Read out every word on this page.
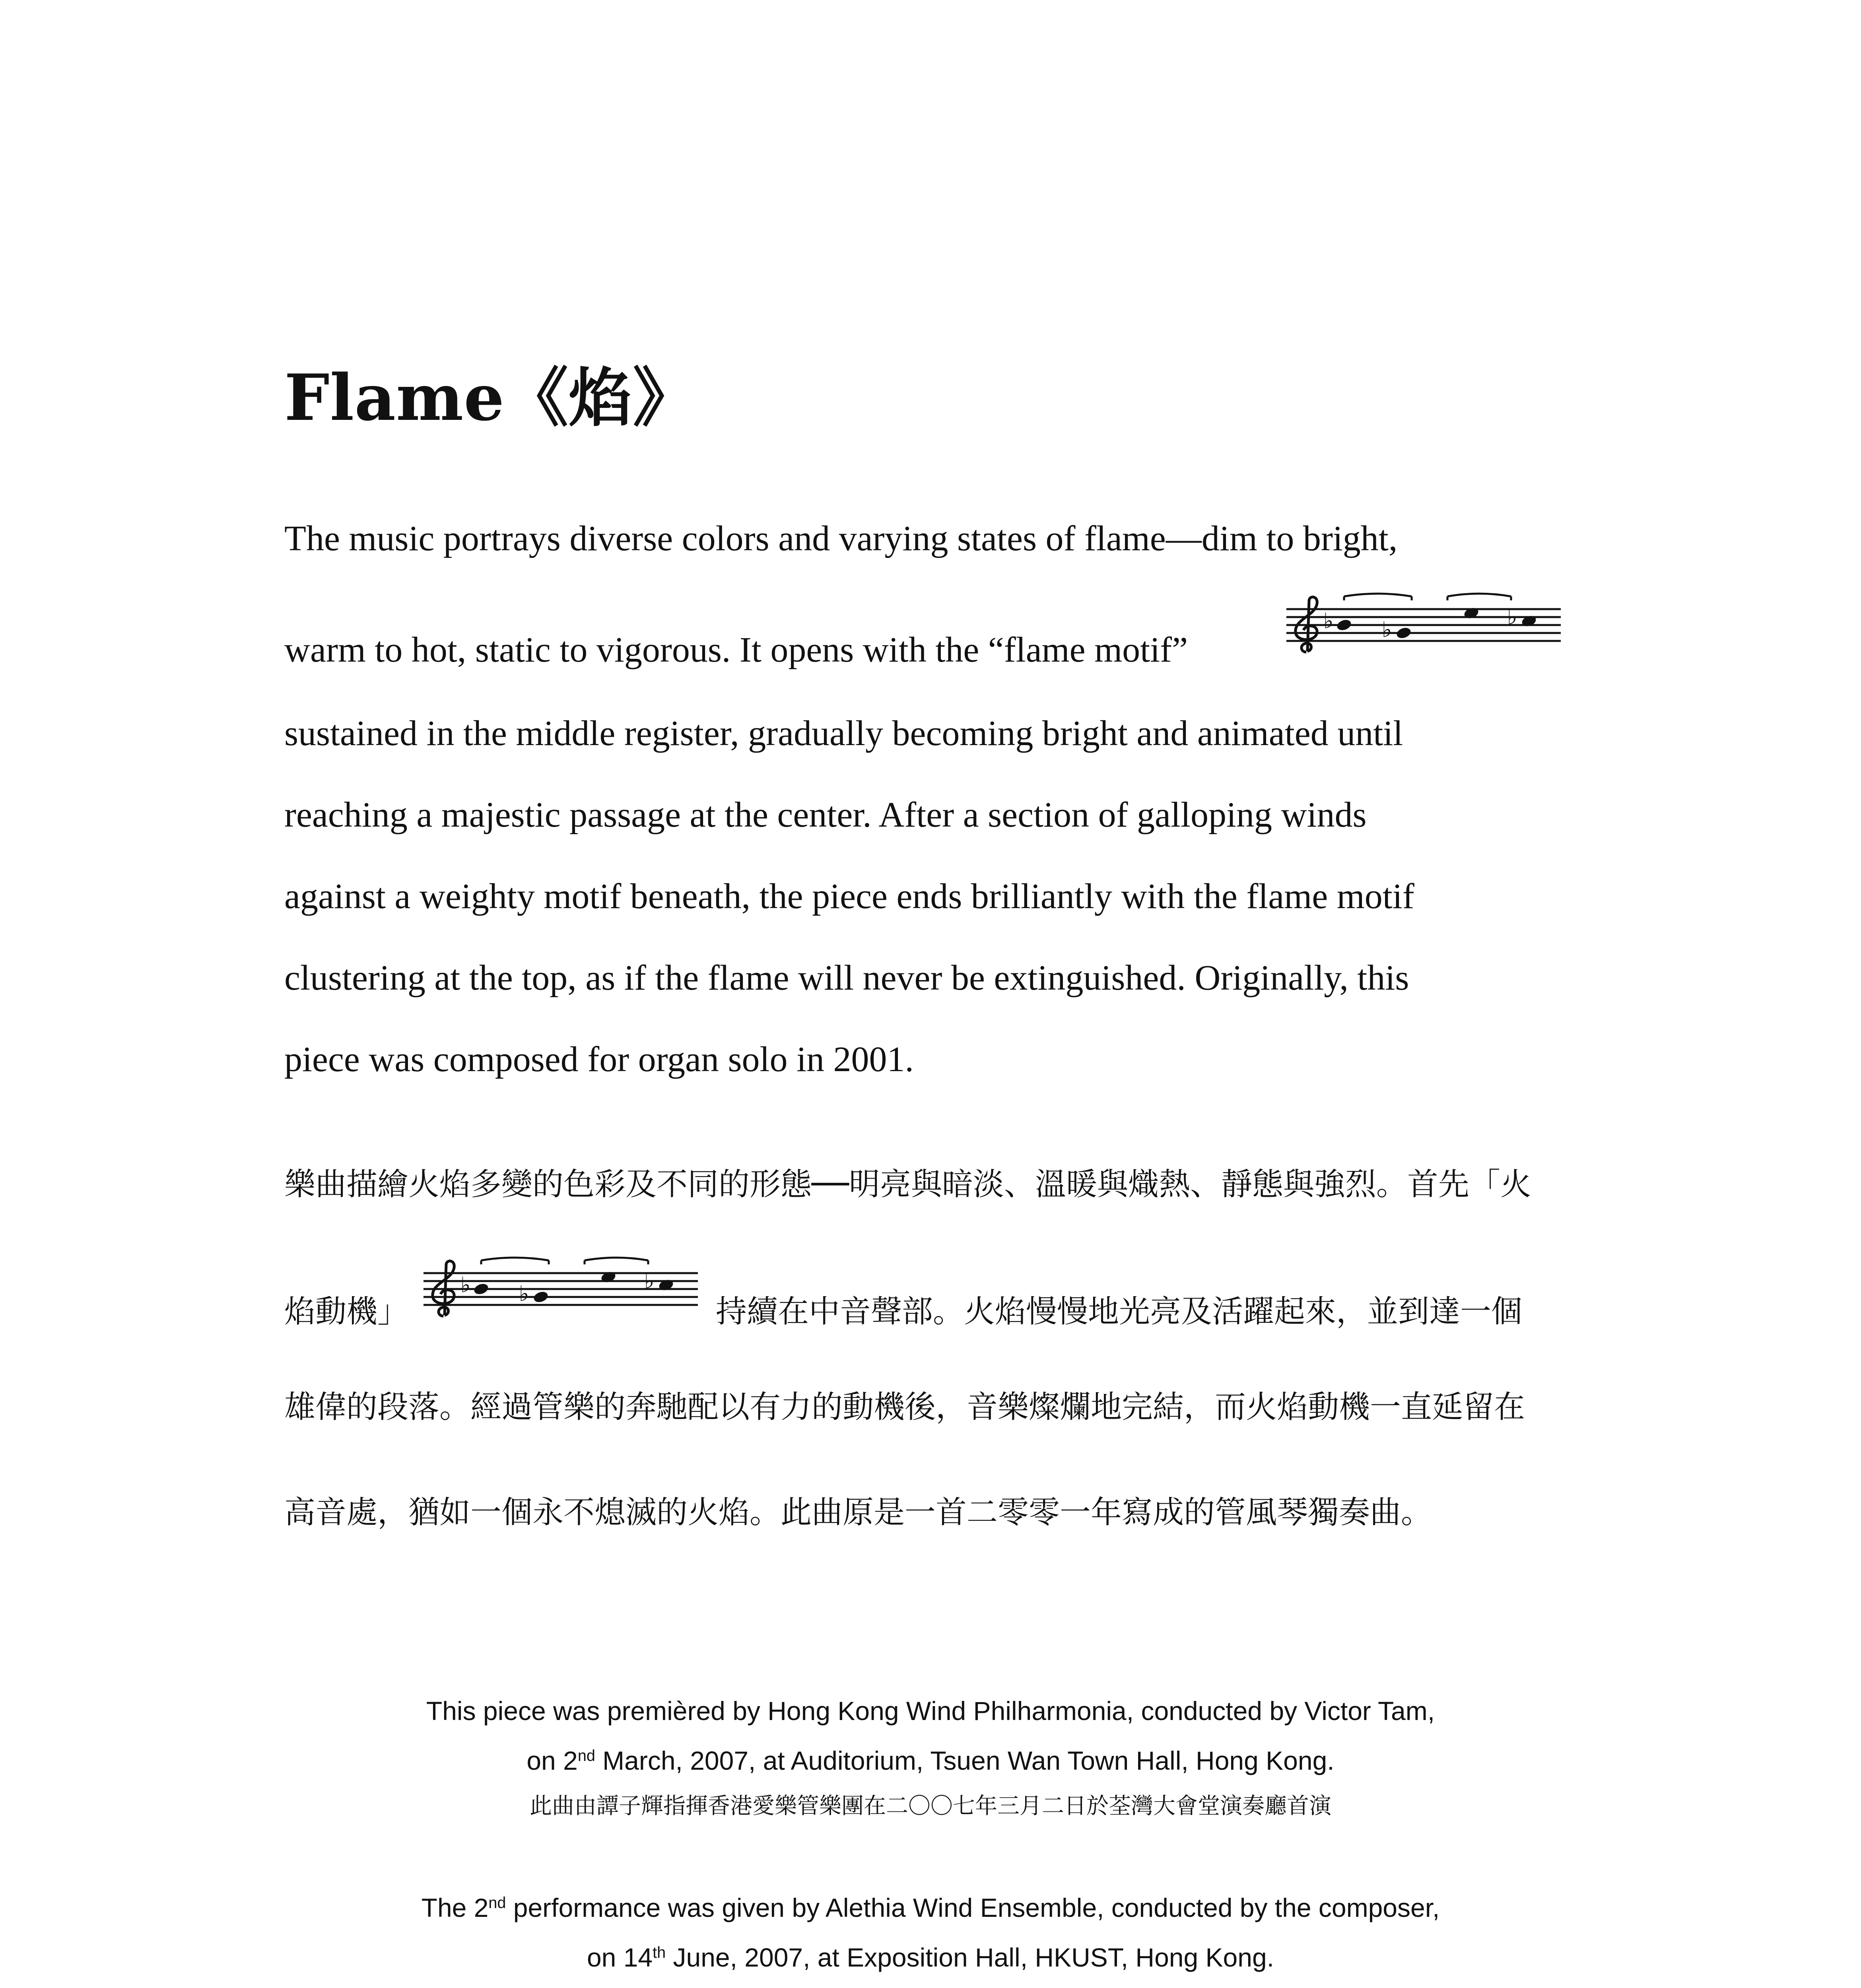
Flame《焰》

The music portrays diverse colors and varying states of flame—dim to bright,

warm to hot, static to vigorous. It opens with the “flame motif”

sustained in the middle register, gradually becoming bright and animated until

reaching a majestic passage at the center. After a section of galloping winds

against a weighty motif beneath, the piece ends brilliantly with the flame motif

clustering at the top, as if the flame will never be extinguished. Originally, this

piece was composed for organ solo in 2001.

♭ ♭
♭

樂曲描繪火焰多變的色彩及不同的形態──明亮與暗淡、溫暖與熾熱、靜態與強烈。首先「火

焰動機」	持續在中音聲部。火焰慢慢地光亮及活躍起來，並到達一個

雄偉的段落。經過管樂的奔馳配以有力的動機後，音樂燦爛地完結，而火焰動機一直延留在

高音處，猶如一個永不熄滅的火焰。此曲原是一首二零零一年寫成的管風琴獨奏曲。

♭ ♭
♭

This piece was premièred by Hong Kong Wind Philharmonia, conducted by Victor Tam,

on 2nd March, 2007, at Auditorium, Tsuen Wan Town Hall, Hong Kong.

此曲由譚子輝指揮香港愛樂管樂團在二〇〇七年三月二日於荃灣大會堂演奏廳首演

The 2nd performance was given by Alethia Wind Ensemble, conducted by the composer,

on 14th June, 2007, at Exposition Hall, HKUST, Hong Kong.
